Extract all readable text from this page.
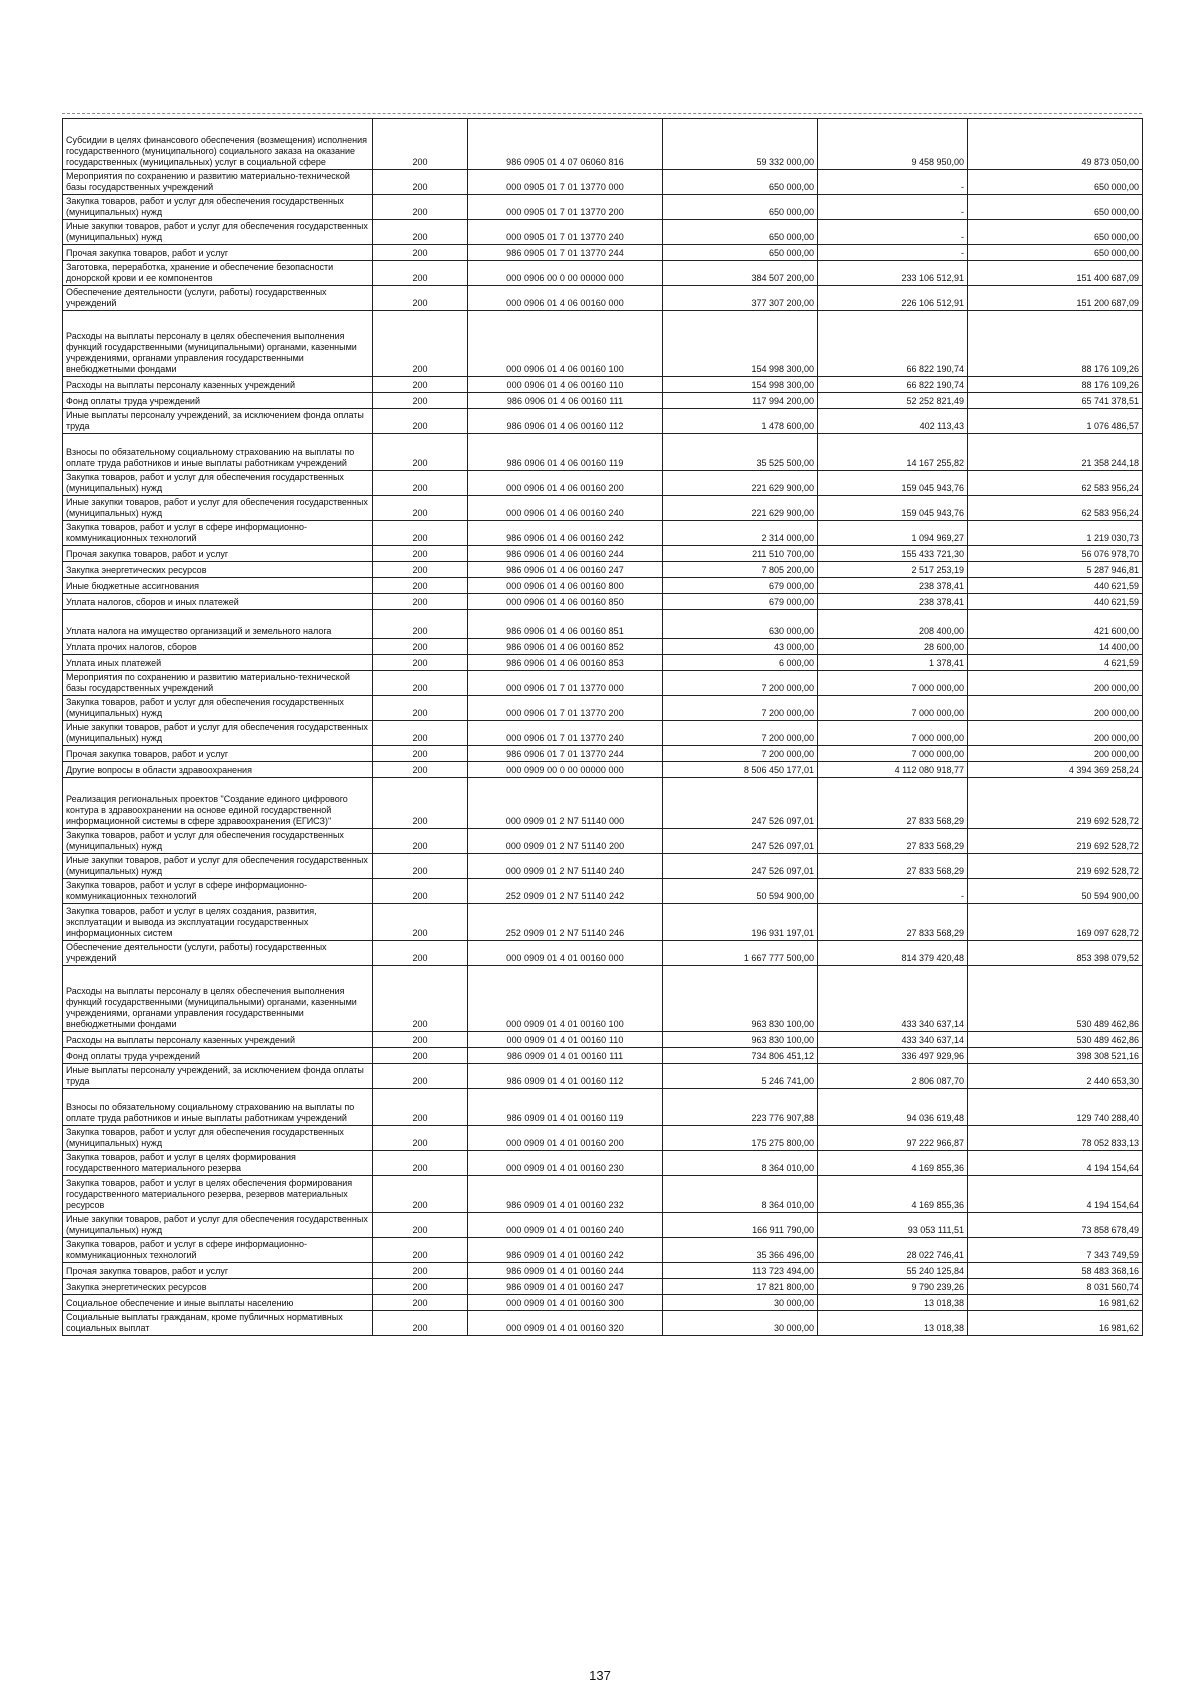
Субсидии в целях финансового обеспечения (возмещения) исполнения государственного (муниципального) социального заказа на оказание государственных (муниципальных) услуг в социальной сфере	200	986 0905 01 4 07 06060 816	59 332 000,00	9 458 950,00	49 873 050,00
Мероприятия по сохранению и развитию материально-технической базы государственных учреждений	200	000 0905 01 7 01 13770 000	650 000,00	-	650 000,00
Закупка товаров, работ и услуг для обеспечения государственных (муниципальных) нужд	200	000 0905 01 7 01 13770 200	650 000,00	-	650 000,00
Иные закупки товаров, работ и услуг для обеспечения государственных (муниципальных) нужд	200	000 0905 01 7 01 13770 240	650 000,00	-	650 000,00
Прочая закупка товаров, работ и услуг	200	986 0905 01 7 01 13770 244	650 000,00	-	650 000,00
Заготовка, переработка, хранение и обеспечение безопасности донорской крови и ее компонентов	200	000 0906 00 0 00 00000 000	384 507 200,00	233 106 512,91	151 400 687,09
Обеспечение деятельности (услуги, работы) государственных учреждений	200	000 0906 01 4 06 00160 000	377 307 200,00	226 106 512,91	151 200 687,09
Расходы на выплаты персоналу в целях обеспечения выполнения функций государственными (муниципальными) органами, казенными учреждениями, органами управления государственными внебюджетными фондами	200	000 0906 01 4 06 00160 100	154 998 300,00	66 822 190,74	88 176 109,26
Расходы на выплаты персоналу казенных учреждений	200	000 0906 01 4 06 00160 110	154 998 300,00	66 822 190,74	88 176 109,26
Фонд оплаты труда учреждений	200	986 0906 01 4 06 00160 111	117 994 200,00	52 252 821,49	65 741 378,51
Иные выплаты персоналу учреждений, за исключением фонда оплаты труда	200	986 0906 01 4 06 00160 112	1 478 600,00	402 113,43	1 076 486,57
Взносы по обязательному социальному страхованию на выплаты по оплате труда работников и иные выплаты работникам учреждений	200	986 0906 01 4 06 00160 119	35 525 500,00	14 167 255,82	21 358 244,18
Закупка товаров, работ и услуг для обеспечения государственных (муниципальных) нужд	200	000 0906 01 4 06 00160 200	221 629 900,00	159 045 943,76	62 583 956,24
Иные закупки товаров, работ и услуг для обеспечения государственных (муниципальных) нужд	200	000 0906 01 4 06 00160 240	221 629 900,00	159 045 943,76	62 583 956,24
Закупка товаров, работ и услуг в сфере информационно-коммуникационных технологий	200	986 0906 01 4 06 00160 242	2 314 000,00	1 094 969,27	1 219 030,73
Прочая закупка товаров, работ и услуг	200	986 0906 01 4 06 00160 244	211 510 700,00	155 433 721,30	56 076 978,70
Закупка энергетических ресурсов	200	986 0906 01 4 06 00160 247	7 805 200,00	2 517 253,19	5 287 946,81
Иные бюджетные ассигнования	200	000 0906 01 4 06 00160 800	679 000,00	238 378,41	440 621,59
Уплата налогов, сборов и иных платежей	200	000 0906 01 4 06 00160 850	679 000,00	238 378,41	440 621,59
Уплата налога на имущество организаций и земельного налога	200	986 0906 01 4 06 00160 851	630 000,00	208 400,00	421 600,00
Уплата прочих налогов, сборов	200	986 0906 01 4 06 00160 852	43 000,00	28 600,00	14 400,00
Уплата иных платежей	200	986 0906 01 4 06 00160 853	6 000,00	1 378,41	4 621,59
Мероприятия по сохранению и развитию материально-технической базы государственных учреждений	200	000 0906 01 7 01 13770 000	7 200 000,00	7 000 000,00	200 000,00
Закупка товаров, работ и услуг для обеспечения государственных (муниципальных) нужд	200	000 0906 01 7 01 13770 200	7 200 000,00	7 000 000,00	200 000,00
Иные закупки товаров, работ и услуг для обеспечения государственных (муниципальных) нужд	200	000 0906 01 7 01 13770 240	7 200 000,00	7 000 000,00	200 000,00
Прочая закупка товаров, работ и услуг	200	986 0906 01 7 01 13770 244	7 200 000,00	7 000 000,00	200 000,00
Другие вопросы в области здравоохранения	200	000 0909 00 0 00 00000 000	8 506 450 177,01	4 112 080 918,77	4 394 369 258,24
Реализация региональных проектов "Создание единого цифрового контура в здравоохранении на основе единой государственной информационной системы в сфере здравоохранения (ЕГИСЗ)"	200	000 0909 01 2 N7 51140 000	247 526 097,01	27 833 568,29	219 692 528,72
Закупка товаров, работ и услуг для обеспечения государственных (муниципальных) нужд	200	000 0909 01 2 N7 51140 200	247 526 097,01	27 833 568,29	219 692 528,72
Иные закупки товаров, работ и услуг для обеспечения государственных (муниципальных) нужд	200	000 0909 01 2 N7 51140 240	247 526 097,01	27 833 568,29	219 692 528,72
Закупка товаров, работ и услуг в сфере информационно-коммуникационных технологий	200	252 0909 01 2 N7 51140 242	50 594 900,00	-	50 594 900,00
Закупка товаров, работ и услуг в целях создания, развития, эксплуатации и вывода из эксплуатации государственных информационных систем	200	252 0909 01 2 N7 51140 246	196 931 197,01	27 833 568,29	169 097 628,72
Обеспечение деятельности (услуги, работы) государственных учреждений	200	000 0909 01 4 01 00160 000	1 667 777 500,00	814 379 420,48	853 398 079,52
Расходы на выплаты персоналу в целях обеспечения выполнения функций государственными (муниципальными) органами, казенными учреждениями, органами управления государственными внебюджетными фондами	200	000 0909 01 4 01 00160 100	963 830 100,00	433 340 637,14	530 489 462,86
Расходы на выплаты персоналу казенных учреждений	200	000 0909 01 4 01 00160 110	963 830 100,00	433 340 637,14	530 489 462,86
Фонд оплаты труда учреждений	200	986 0909 01 4 01 00160 111	734 806 451,12	336 497 929,96	398 308 521,16
Иные выплаты персоналу учреждений, за исключением фонда оплаты труда	200	986 0909 01 4 01 00160 112	5 246 741,00	2 806 087,70	2 440 653,30
Взносы по обязательному социальному страхованию на выплаты по оплате труда работников и иные выплаты работникам учреждений	200	986 0909 01 4 01 00160 119	223 776 907,88	94 036 619,48	129 740 288,40
Закупка товаров, работ и услуг для обеспечения государственных (муниципальных) нужд	200	000 0909 01 4 01 00160 200	175 275 800,00	97 222 966,87	78 052 833,13
Закупка товаров, работ и услуг в целях формирования государственного материального резерва	200	000 0909 01 4 01 00160 230	8 364 010,00	4 169 855,36	4 194 154,64
Закупка товаров, работ и услуг в целях обеспечения формирования государственного материального резерва, резервов материальных ресурсов	200	986 0909 01 4 01 00160 232	8 364 010,00	4 169 855,36	4 194 154,64
Иные закупки товаров, работ и услуг для обеспечения государственных (муниципальных) нужд	200	000 0909 01 4 01 00160 240	166 911 790,00	93 053 111,51	73 858 678,49
Закупка товаров, работ и услуг в сфере информационно-коммуникационных технологий	200	986 0909 01 4 01 00160 242	35 366 496,00	28 022 746,41	7 343 749,59
Прочая закупка товаров, работ и услуг	200	986 0909 01 4 01 00160 244	113 723 494,00	55 240 125,84	58 483 368,16
Закупка энергетических ресурсов	200	986 0909 01 4 01 00160 247	17 821 800,00	9 790 239,26	8 031 560,74
Социальное обеспечение и иные выплаты населению	200	000 0909 01 4 01 00160 300	30 000,00	13 018,38	16 981,62
Социальные выплаты гражданам, кроме публичных нормативных социальных выплат	200	000 0909 01 4 01 00160 320	30 000,00	13 018,38	16 981,62
137
